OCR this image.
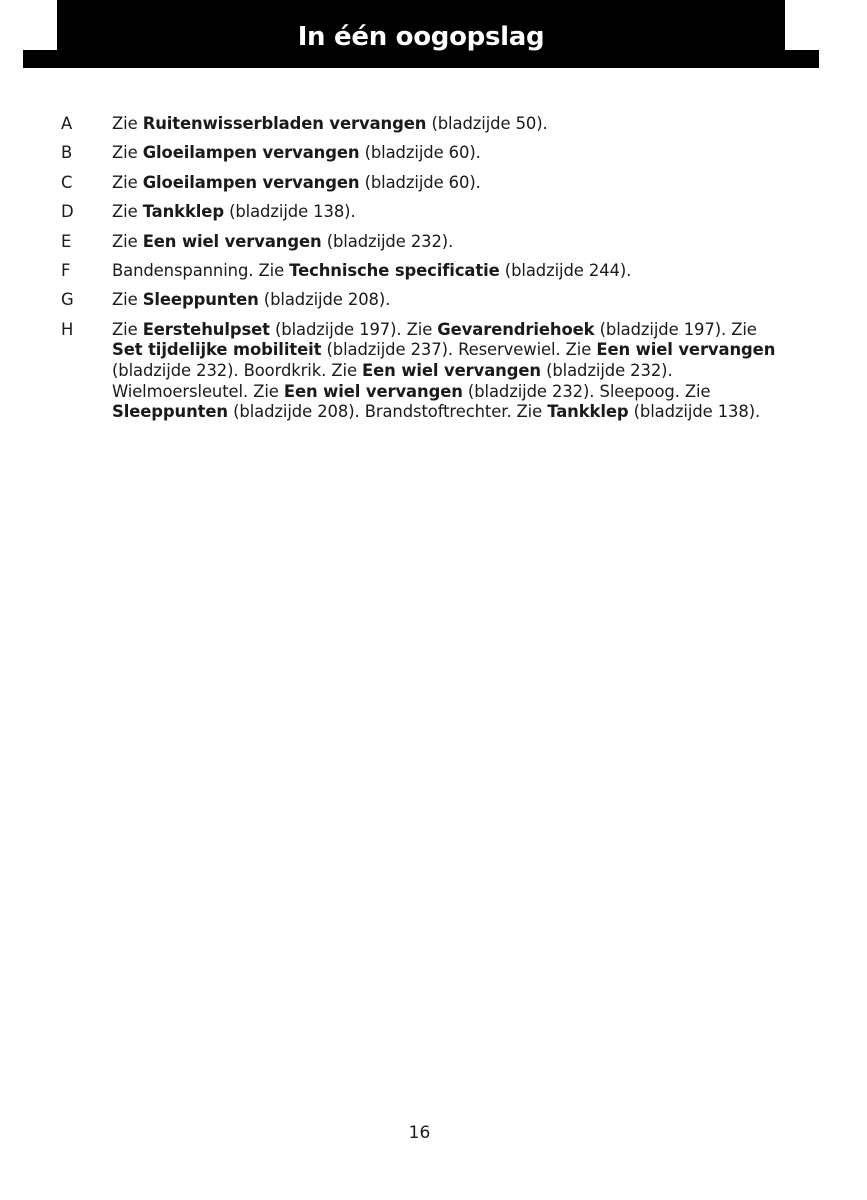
In één oogopslag
A	Zie Ruitenwisserbladen vervangen (bladzijde 50).
B	Zie Gloeilampen vervangen (bladzijde 60).
C	Zie Gloeilampen vervangen (bladzijde 60).
D	Zie Tankklep (bladzijde 138).
E	Zie Een wiel vervangen (bladzijde 232).
F	Bandenspanning. Zie Technische specificatie (bladzijde 244).
G	Zie Sleeppunten (bladzijde 208).
H	Zie Eerstehulpset (bladzijde 197). Zie Gevarendriehoek (bladzijde 197). Zie
Set tijdelijke mobiliteit (bladzijde 237). Reservewiel. Zie Een wiel vervangen
(bladzijde 232). Boordkrik. Zie Een wiel vervangen (bladzijde 232).
Wielmoersleutel. Zie Een wiel vervangen (bladzijde 232). Sleepoog. Zie
Sleeppunten (bladzijde 208). Brandstoftrechter. Zie Tankklep (bladzijde 138).
16
